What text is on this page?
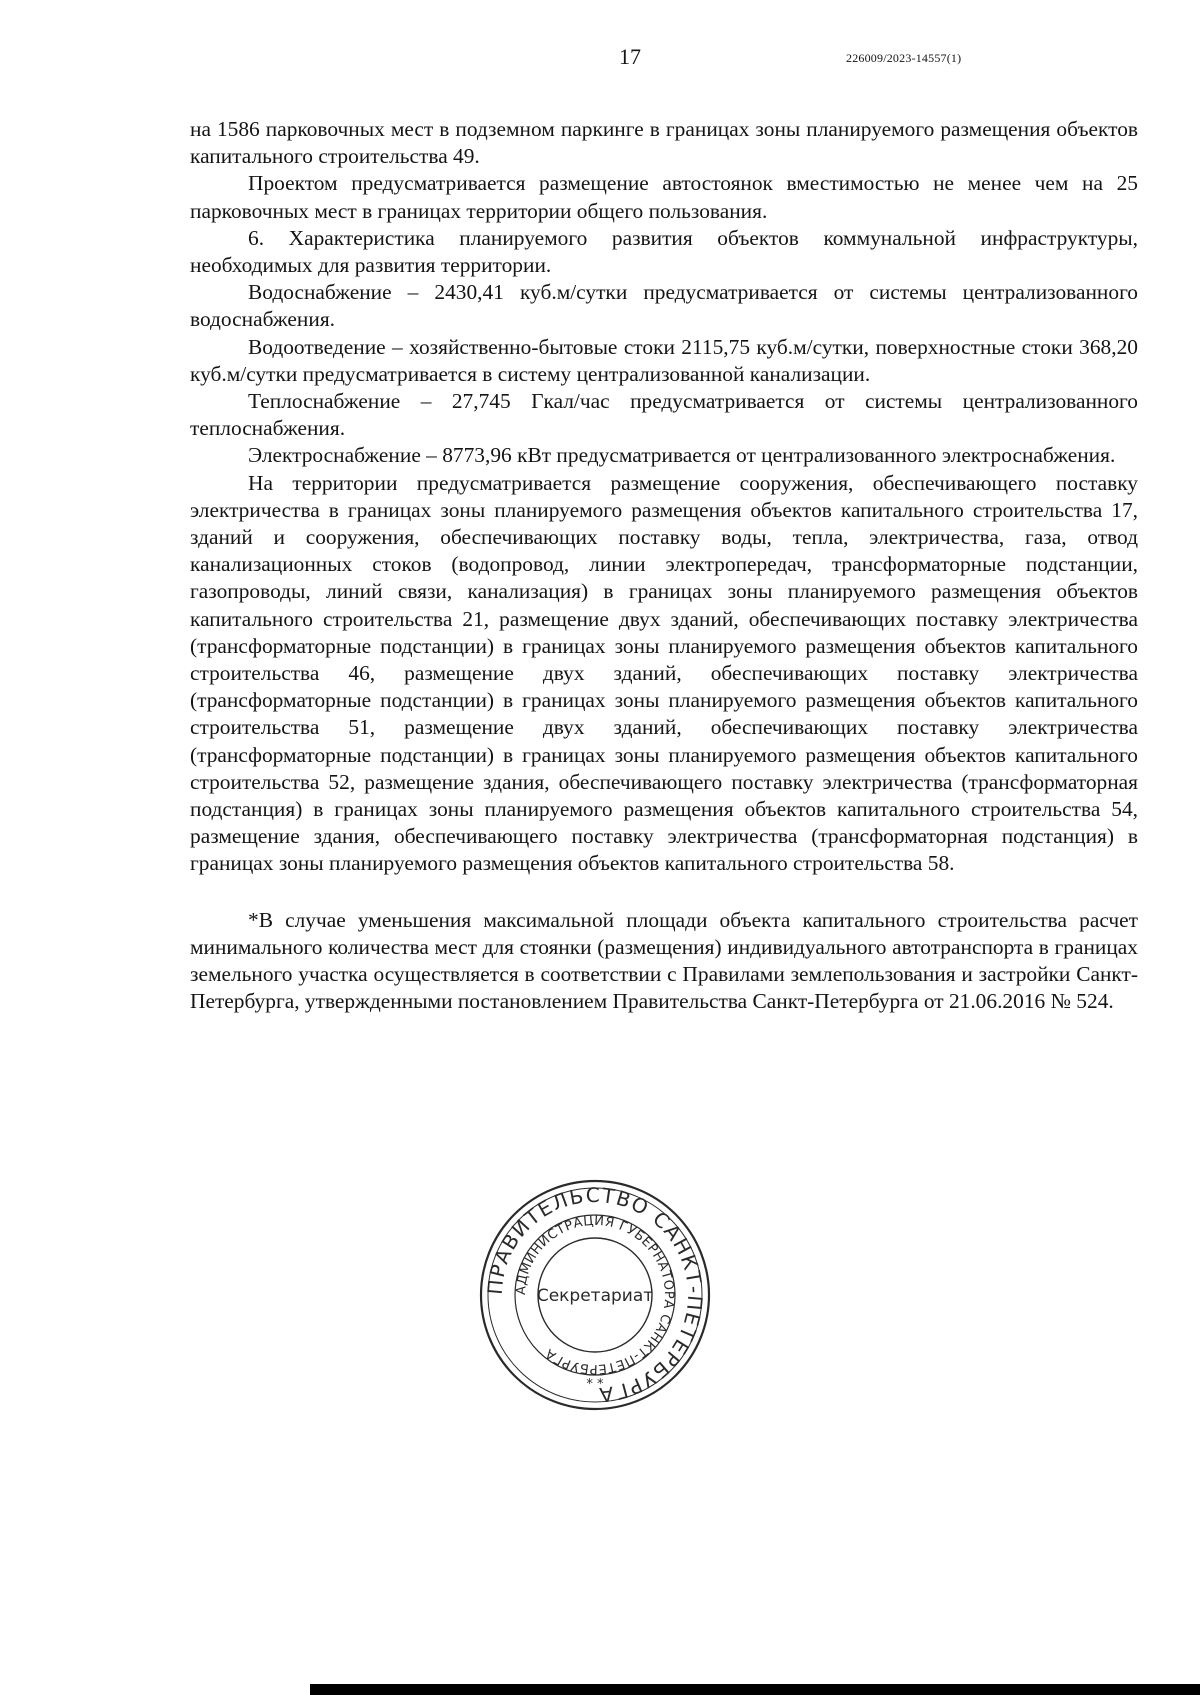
17	226009/2023-14557(1)

на 1586 парковочных мест в подземном паркинге в границах зоны планируемого размещения объектов капитального строительства 49.

Проектом предусматривается размещение автостоянок вместимостью не менее чем на 25 парковочных мест в границах территории общего пользования.

6. Характеристика планируемого развития объектов коммунальной инфраструктуры, необходимых для развития территории.

Водоснабжение – 2430,41 куб.м/сутки предусматривается от системы централизованного водоснабжения.

Водоотведение – хозяйственно-бытовые стоки 2115,75 куб.м/сутки, поверхностные стоки 368,20 куб.м/сутки предусматривается в систему централизованной канализации.

Теплоснабжение – 27,745 Гкал/час предусматривается от системы централизованного теплоснабжения.

Электроснабжение – 8773,96 кВт предусматривается от централизованного электроснабжения.

На территории предусматривается размещение сооружения, обеспечивающего поставку электричества в границах зоны планируемого размещения объектов капитального строительства 17, зданий и сооружения, обеспечивающих поставку воды, тепла, электричества, газа, отвод канализационных стоков (водопровод, линии электропередач, трансформаторные подстанции, газопроводы, линий связи, канализация) в границах зоны планируемого размещения объектов капитального строительства 21, размещение двух зданий, обеспечивающих поставку электричества (трансформаторные подстанции) в границах зоны планируемого размещения объектов капитального строительства 46, размещение двух зданий, обеспечивающих поставку электричества (трансформаторные подстанции) в границах зоны планируемого размещения объектов капитального строительства 51, размещение двух зданий, обеспечивающих поставку электричества (трансформаторные подстанции) в границах зоны планируемого размещения объектов капитального строительства 52, размещение здания, обеспечивающего поставку электричества (трансформаторная подстанция) в границах зоны планируемого размещения объектов капитального строительства 54, размещение здания, обеспечивающего поставку электричества (трансформаторная подстанция) в границах зоны планируемого размещения объектов капитального строительства 58.

*В случае уменьшения максимальной площади объекта капитального строительства расчет минимального количества мест для стоянки (размещения) индивидуального автотранспорта в границах земельного участка осуществляется в соответствии с Правилами землепользования и застройки Санкт-Петербурга, утвержденными постановлением Правительства Санкт-Петербурга от 21.06.2016 № 524.

ПРАВИТЕЛЬСТВО САНКТ-ПЕТЕРБУРГА
АДМИНИСТРАЦИЯ ГУБЕРНАТОРА САНКТ-ПЕТЕРБУРГА
Секретариат
* *
